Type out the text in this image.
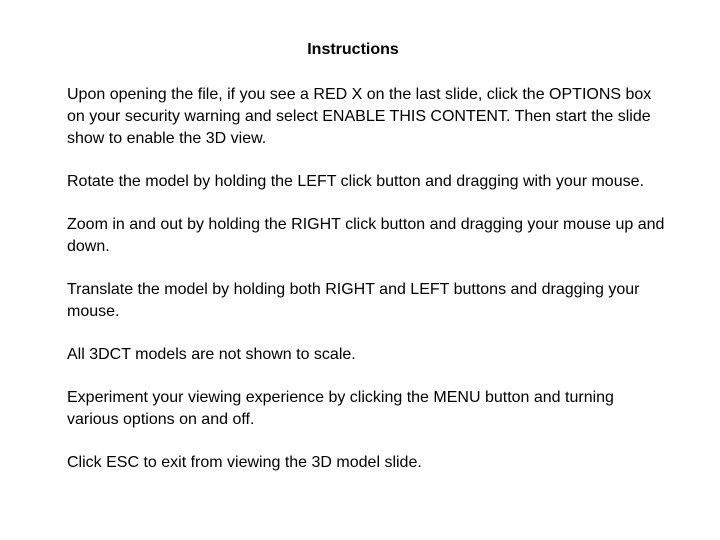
Instructions

Upon opening the file, if you see a RED X on the last slide, click the OPTIONS box on your security warning and select ENABLE THIS CONTENT. Then start the slide show to enable the 3D view.

Rotate the model by holding the LEFT click button and dragging with your mouse.

Zoom in and out by holding the RIGHT click button and dragging your mouse up and down.

Translate the model by holding both RIGHT and LEFT buttons and dragging your mouse.

All 3DCT models are not shown to scale.

Experiment your viewing experience by clicking the MENU button and turning various options on and off.

Click ESC to exit from viewing the 3D model slide.
